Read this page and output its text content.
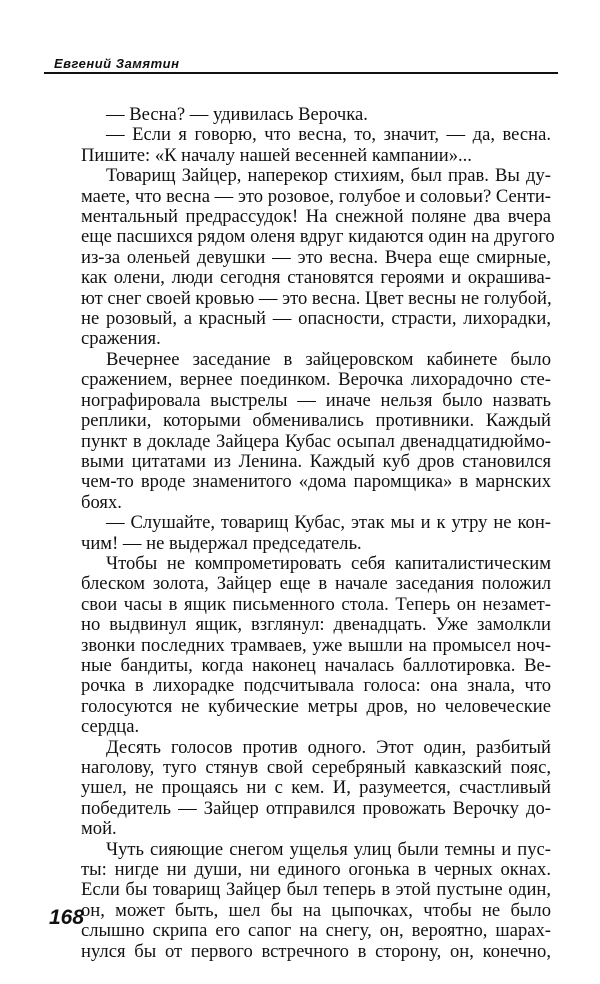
Евгений Замятин
— Весна? — удивилась Верочка.
— Если я говорю, что весна, то, значит, — да, весна.
Пишите: «К началу нашей весенней кампании»...
Товарищ Зайцер, наперекор стихиям, был прав. Вы ду-
маете, что весна — это розовое, голубое и соловьи? Сенти-
ментальный предрассудок! На снежной поляне два вчера
еще пасшихся рядом оленя вдруг кидаются один на другого
из-за оленьей девушки — это весна. Вчера еще смирные,
как олени, люди сегодня становятся героями и окрашива-
ют снег своей кровью — это весна. Цвет весны не голубой,
не розовый, а красный — опасности, страсти, лихорадки,
сражения.
Вечернее заседание в зайцеровском кабинете было
сражением, вернее поединком. Верочка лихорадочно сте-
нографировала выстрелы — иначе нельзя было назвать
реплики, которыми обменивались противники. Каждый
пункт в докладе Зайцера Кубас осыпал двенадцатидюймо-
выми цитатами из Ленина. Каждый куб дров становился
чем-то вроде знаменитого «дома паромщика» в марнских
боях.
— Слушайте, товарищ Кубас, этак мы и к утру не кон-
чим! — не выдержал председатель.
Чтобы не компрометировать себя капиталистическим
блеском золота, Зайцер еще в начале заседания положил
свои часы в ящик письменного стола. Теперь он незамет-
но выдвинул ящик, взглянул: двенадцать. Уже замолкли
звонки последних трамваев, уже вышли на промысел ноч-
ные бандиты, когда наконец началась баллотировка. Ве-
рочка в лихорадке подсчитывала голоса: она знала, что
голосуются не кубические метры дров, но человеческие
сердца.
Десять голосов против одного. Этот один, разбитый
наголову, туго стянув свой серебряный кавказский пояс,
ушел, не прощаясь ни с кем. И, разумеется, счастливый
победитель — Зайцер отправился провожать Верочку до-
мой.
Чуть сияющие снегом ущелья улиц были темны и пус-
ты: нигде ни души, ни единого огонька в черных окнах.
Если бы товарищ Зайцер был теперь в этой пустыне один,
он, может быть, шел бы на цыпочках, чтобы не было
слышно скрипа его сапог на снегу, он, вероятно, шарах-
нулся бы от первого встречного в сторону, он, конечно,
168
